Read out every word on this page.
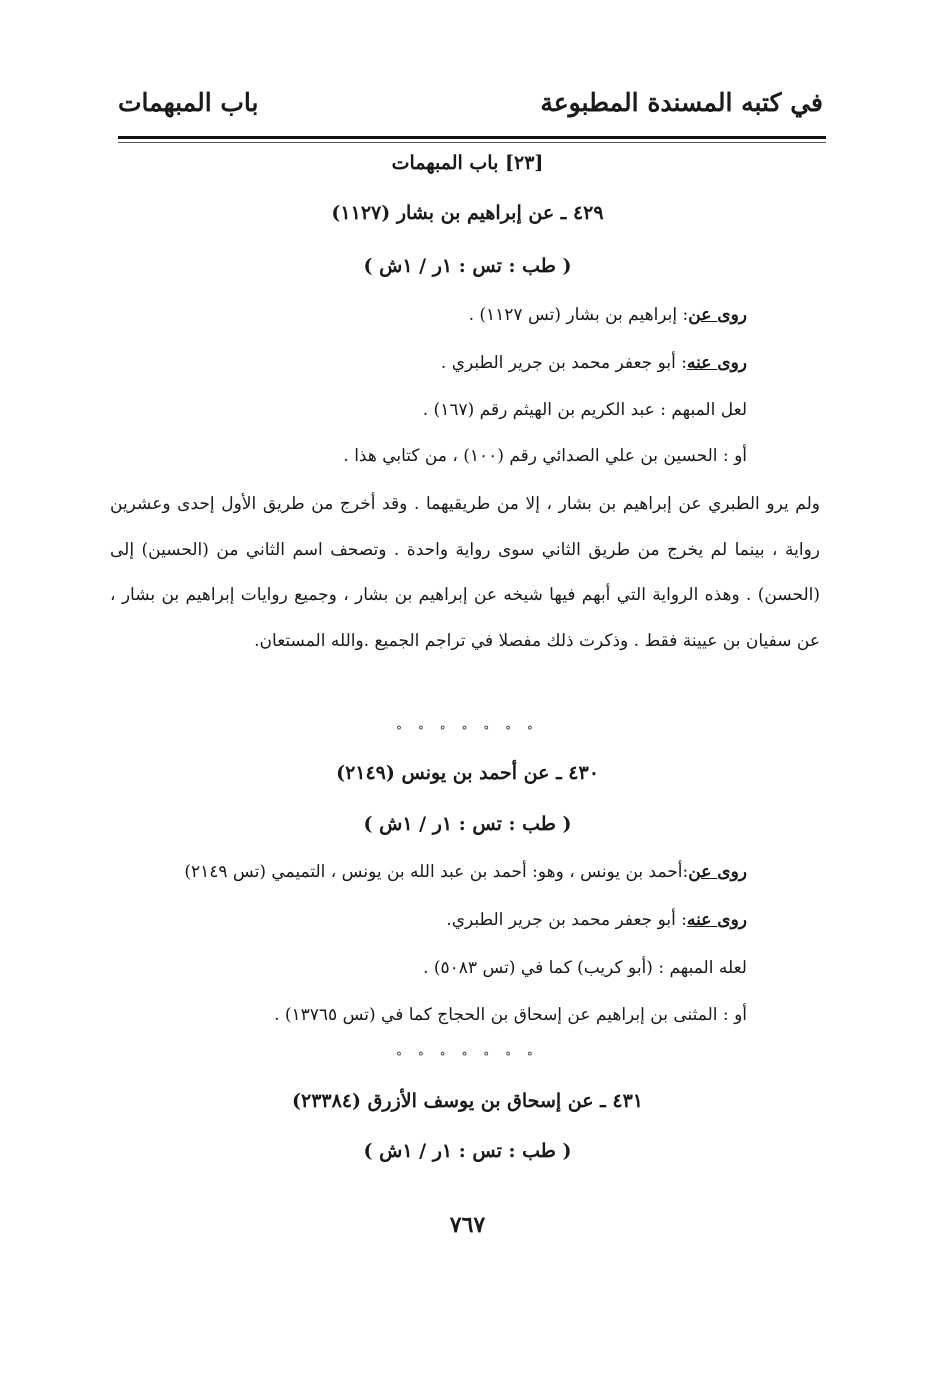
في كتبه المسندة المطبوعة
باب المبهمات
[٢٣] باب المبهمات
٤٢٩ ـ عن إبراهيم بن بشار (١١٢٧)
( طب : تس : ١ر / ١ش )
روى عن: إبراهيم بن بشار (تس ١١٢٧) .
روى عنه: أبو جعفر محمد بن جرير الطبري .
لعل المبهم : عبد الكريم بن الهيثم رقم (١٦٧) .
أو : الحسين بن علي الصدائي رقم (١٠٠) ، من كتابي هذا .
ولم يرو الطبري عن إبراهيم بن بشار ، إلا من طريقيهما . وقد أخرج من طريق الأول إحدى وعشرين رواية ، بينما لم يخرج من طريق الثاني سوى رواية واحدة . وتصحف اسم الثاني من (الحسين) إلى (الحسن) . وهذه الرواية التي أبهم فيها شيخه عن إبراهيم بن بشار ، وجميع روايات إبراهيم بن بشار ، عن سفيان بن عيينة فقط . وذكرت ذلك مفصلا في تراجم الجميع .والله المستعان.
° ° ° ° ° ° °
٤٣٠ ـ عن أحمد بن يونس (٢١٤٩)
( طب : تس : ١ر / ١ش )
روى عن:أحمد بن يونس ، وهو: أحمد بن عبد الله بن يونس ، التميمي (تس ٢١٤٩)
روى عنه: أبو جعفر محمد بن جرير الطبري.
لعله المبهم : (أبو كريب) كما في (تس ٥٠٨٣) .
أو : المثنى بن إبراهيم عن إسحاق بن الحجاج كما في (تس ١٣٧٦٥) .
° ° ° ° ° ° °
٤٣١ ـ عن إسحاق بن يوسف الأزرق (٢٣٣٨٤)
( طب : تس : ١ر / ١ش )
٧٦٧
